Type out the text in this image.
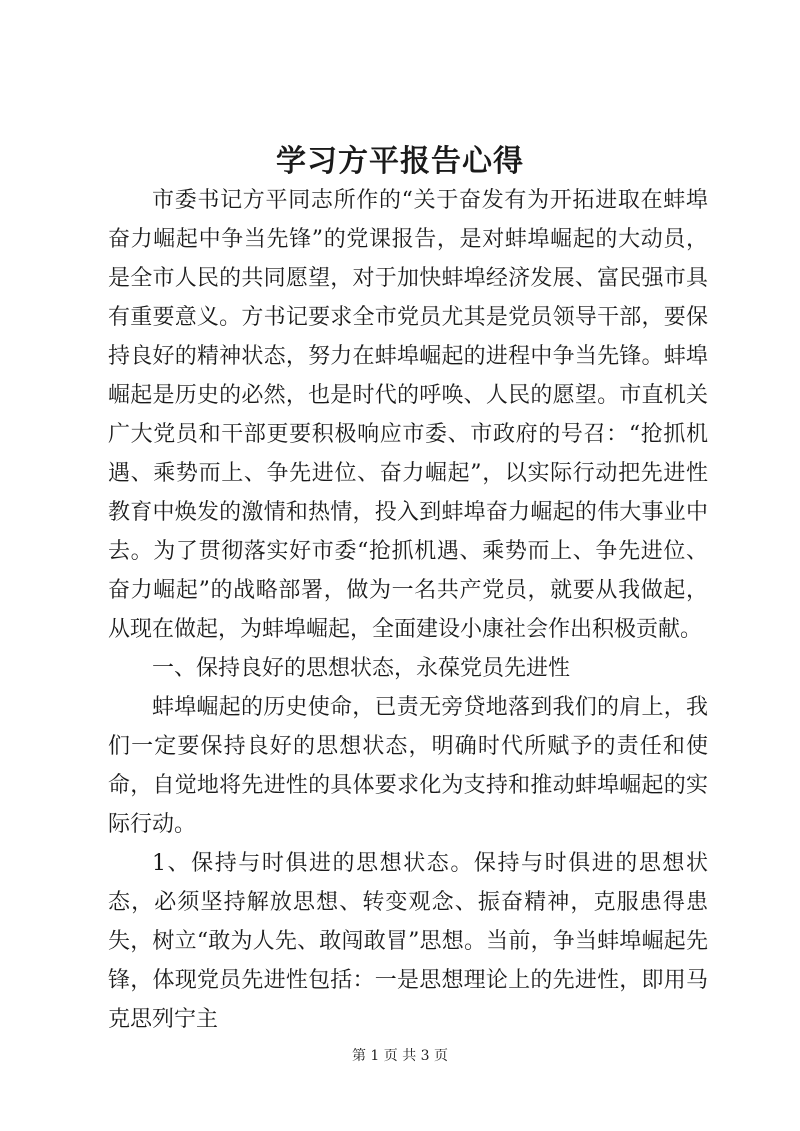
学习方平报告心得

市委书记方平同志所作的“关于奋发有为开拓进取在蚌埠奋力崛起中争当先锋”的党课报告，是对蚌埠崛起的大动员，是全市人民的共同愿望，对于加快蚌埠经济发展、富民强市具有重要意义。方书记要求全市党员尤其是党员领导干部，要保持良好的精神状态，努力在蚌埠崛起的进程中争当先锋。蚌埠崛起是历史的必然，也是时代的呼唤、人民的愿望。市直机关广大党员和干部更要积极响应市委、市政府的号召：“抢抓机遇、乘势而上、争先进位、奋力崛起”，以实际行动把先进性教育中焕发的激情和热情，投入到蚌埠奋力崛起的伟大事业中去。为了贯彻落实好市委“抢抓机遇、乘势而上、争先进位、奋力崛起”的战略部署，做为一名共产党员，就要从我做起，从现在做起，为蚌埠崛起，全面建设小康社会作出积极贡献。

一、保持良好的思想状态，永葆党员先进性

蚌埠崛起的历史使命，已责无旁贷地落到我们的肩上，我们一定要保持良好的思想状态，明确时代所赋予的责任和使命，自觉地将先进性的具体要求化为支持和推动蚌埠崛起的实际行动。

1、保持与时俱进的思想状态。保持与时俱进的思想状态，必须坚持解放思想、转变观念、振奋精神，克服患得患失，树立“敢为人先、敢闯敢冒”思想。当前，争当蚌埠崛起先锋，体现党员先进性包括：一是思想理论上的先进性，即用马克思列宁主

第 1 页 共 3 页
